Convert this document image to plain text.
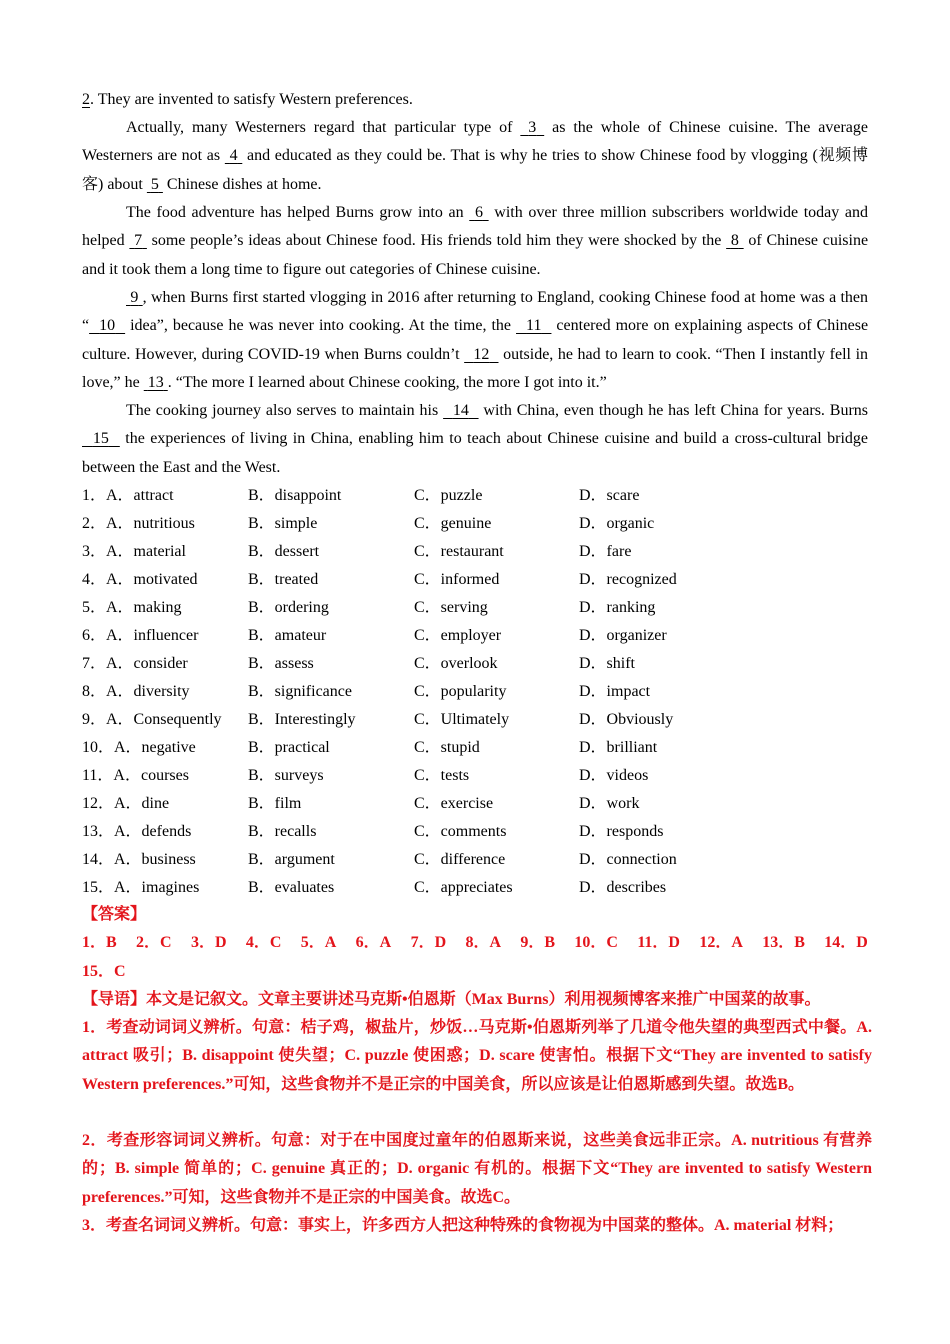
2. They are invented to satisfy Western preferences.

Actually, many Westerners regard that particular type of  3  as the whole of Chinese cuisine. The average Westerners are not as  4  and educated as they could be. That is why he tries to show Chinese food by vlogging (视频博客) about  5  Chinese dishes at home.

The food adventure has helped Burns grow into an  6  with over three million subscribers worldwide today and helped  7  some people’s ideas about Chinese food. His friends told him they were shocked by the  8  of Chinese cuisine and it took them a long time to figure out categories of Chinese cuisine.

9 , when Burns first started vlogging in 2016 after returning to England, cooking Chinese food at home was a then “ 10   idea”, because he was never into cooking. At the time, the   11   centered more on explaining aspects of Chinese culture. However, during COVID-19 when Burns couldn’t   12   outside, he had to learn to cook. “Then I instantly fell in love,” he  13 . “The more I learned about Chinese cooking, the more I got into it.”

The cooking journey also serves to maintain his   14   with China, even though he has left China for years. Burns   15   the experiences of living in China, enabling him to teach about Chinese cuisine and build a cross-cultural bridge between the East and the West.

1．A．attract	B．disappoint	C．puzzle	D．scare
2．A．nutritious	B．simple	C．genuine	D．organic
3．A．material	B．dessert	C．restaurant	D．fare
4．A．motivated	B．treated	C．informed	D．recognized
5．A．making	B．ordering	C．serving	D．ranking
6．A．influencer	B．amateur	C．employer	D．organizer
7．A．consider	B．assess	C．overlook	D．shift
8．A．diversity	B．significance	C．popularity	D．impact
9．A．Consequently B．Interestingly	C．Ultimately	D．Obviously
10．A．negative	B．practical	C．stupid	D．brilliant
11．A．courses	B．surveys	C．tests	D．videos
12．A．dine	B．film	C．exercise	D．work
13．A．defends	B．recalls	C．comments	D．responds
14．A．business	B．argument	C．difference	D．connection
15．A．imagines	B．evaluates	C．appreciates	D．describes
【答案】
1．B 2．C 3．D 4．C 5．A 6．A 7．D 8．A 9．B 10．C 11．D 12．A 13．B 14．D
15．C

【导语】本文是记叙文。文章主要讲述马克斯•伯恩斯（Max Burns）利用视频博客来推广中国菜的故事。

1．考查动词词义辨析。句意：桔子鸡，椒盐片，炒饭…马克斯•伯恩斯列举了几道令他失望的典型西式中餐。A. attract 吸引；B. disappoint 使失望；C. puzzle 使困惑；D. scare 使害怕。根据下文“They are invented to satisfy Western preferences.”可知，这些食物并不是正宗的中国美食，所以应该是让伯恩斯感到失望。故选B。

2．考查形容词词义辨析。句意：对于在中国度过童年的伯恩斯来说，这些美食远非正宗。A. nutritious 有营养的；B. simple 简单的；C. genuine 真正的；D. organic 有机的。根据下文“They are invented to satisfy Western preferences.”可知，这些食物并不是正宗的中国美食。故选C。

3．考查名词词义辨析。句意：事实上，许多西方人把这种特殊的食物视为中国菜的整体。A. material 材料；
